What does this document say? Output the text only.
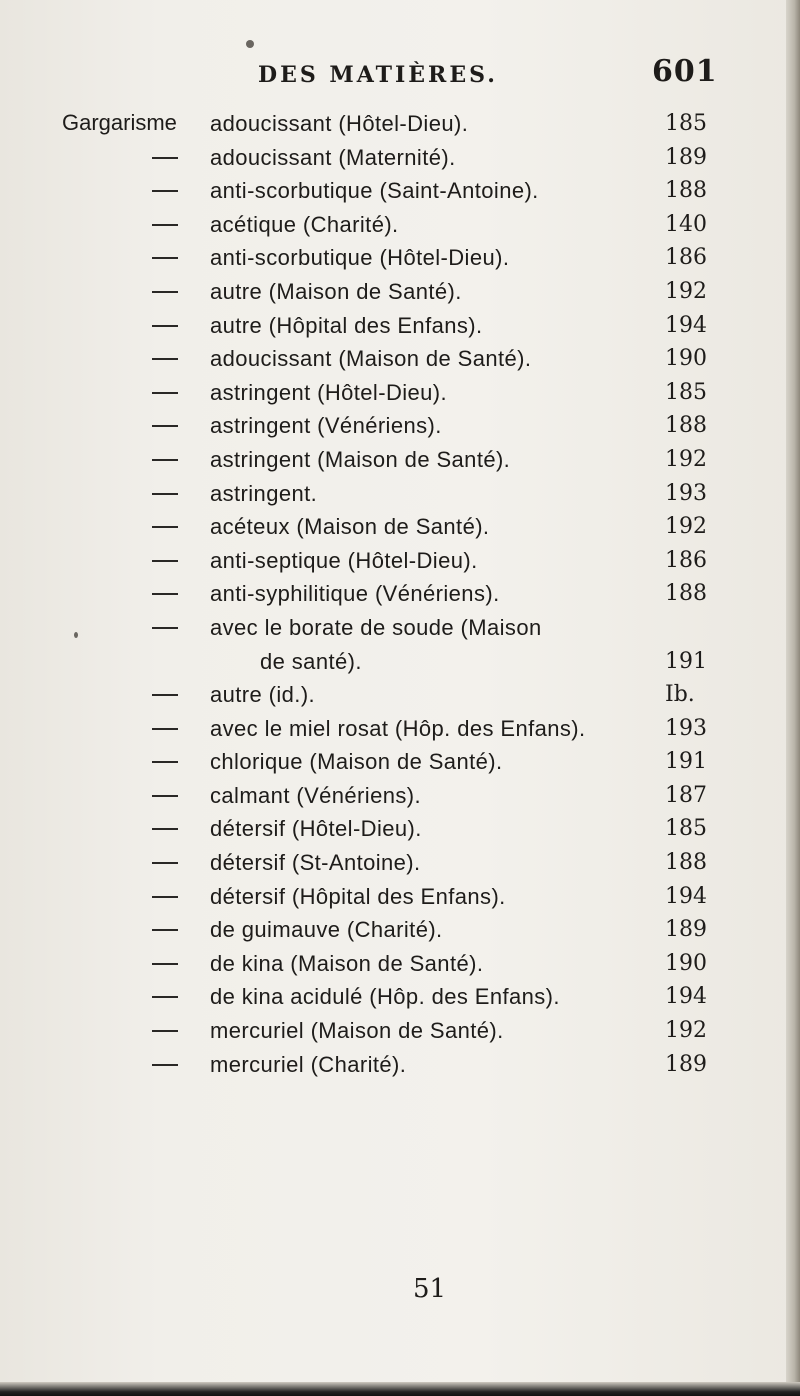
DES MATIÈRES.	601
Gargarisme adoucissant (Hôtel-Dieu).	185
adoucissant (Maternité).	189
anti-scorbutique (Saint-Antoine).	188
acétique (Charité).	140
anti-scorbutique (Hôtel-Dieu).	186
autre (Maison de Santé).	192
autre (Hôpital des Enfans).	194
adoucissant (Maison de Santé).	190
astringent (Hôtel-Dieu).	185
astringent (Vénériens).	188
astringent (Maison de Santé).	192
astringent.	193
acéteux (Maison de Santé).	192
anti-septique (Hôtel-Dieu).	186
anti-syphilitique (Vénériens).	188
avec le borate de soude (Maison
de santé).	191
autre (id.).	Ib.
avec le miel rosat (Hôp. des Enfans).	193
chlorique (Maison de Santé).	191
calmant (Vénériens).	187
détersif (Hôtel-Dieu).	185
détersif (St-Antoine).	188
détersif (Hôpital des Enfans).	194
de guimauve (Charité).	189
de kina (Maison de Santé).	190
de kina acidulé (Hôp. des Enfans).	194
mercuriel (Maison de Santé).	192
mercuriel (Charité).	189
51
